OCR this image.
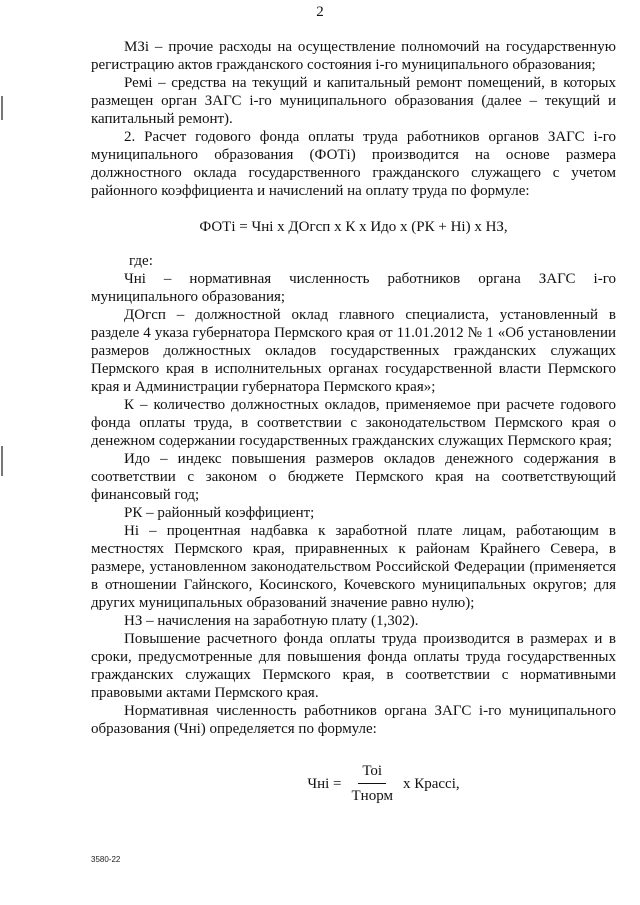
2

МЗi – прочие расходы на осуществление полномочий на государственную регистрацию актов гражданского состояния i-го муниципального образования;

Ремi – средства на текущий и капитальный ремонт помещений, в которых размещен орган ЗАГС i-го муниципального образования (далее – текущий и капитальный ремонт).

2. Расчет годового фонда оплаты труда работников органов ЗАГС i-го муниципального образования (ФОТi) производится на основе размера должностного оклада государственного гражданского служащего с учетом районного коэффициента и начислений на оплату труда по формуле:

ФОТi = Чнi x ДОгсп x К x Идо x (РК + Нi) x НЗ,

где:

Чнi – нормативная численность работников органа ЗАГС i-го муниципального образования;

ДОгсп – должностной оклад главного специалиста, установленный в разделе 4 указа губернатора Пермского края от 11.01.2012 № 1 «Об установлении размеров должностных окладов государственных гражданских служащих Пермского края в исполнительных органах государственной власти Пермского края и Администрации губернатора Пермского края»;

К – количество должностных окладов, применяемое при расчете годового фонда оплаты труда, в соответствии с законодательством Пермского края о денежном содержании государственных гражданских служащих Пермского края;

Идо – индекс повышения размеров окладов денежного содержания в соответствии с законом о бюджете Пермского края на соответствующий финансовый год;

РК – районный коэффициент;

Нi – процентная надбавка к заработной плате лицам, работающим в местностях Пермского края, приравненных к районам Крайнего Севера, в размере, установленном законодательством Российской Федерации (применяется в отношении Гайнского, Косинского, Кочевского муниципальных округов; для других муниципальных образований значение равно нулю);

НЗ – начисления на заработную плату (1,302).

Повышение расчетного фонда оплаты труда производится в размерах и в сроки, предусмотренные для повышения фонда оплаты труда государственных гражданских служащих Пермского края, в соответствии с нормативными правовыми актами Пермского края.

Нормативная численность работников органа ЗАГС i-го муниципального образования (Чнi) определяется по формуле:

Чнi = $\frac{\text{Тоi}}{\text{Тнорм}}$ x Крассi,
3580-22
